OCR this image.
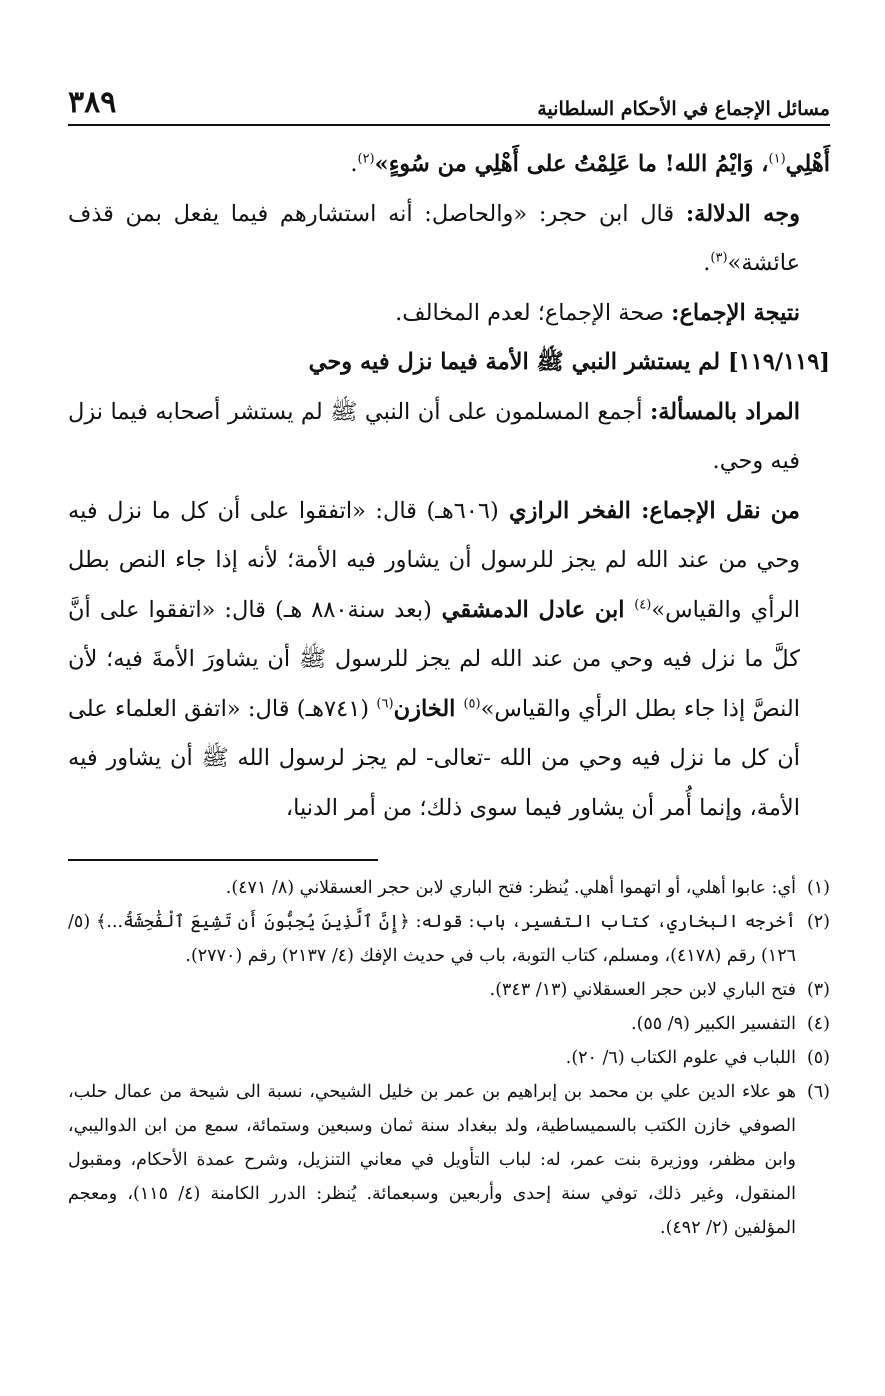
مسائل الإجماع في الأحكام السلطانية
٣٨٩

أَهْلِي$^{(١)}$، وَايْمُ الله! ما عَلِمْتُ على أَهْلِي من سُوءٍ»$^{(٢)}$.

وجه الدلالة: قال ابن حجر: «والحاصل: أنه استشارهم فيما يفعل بمن قذف عائشة»$^{(٣)}$.

نتيجة الإجماع: صحة الإجماع؛ لعدم المخالف.

[١١٩/١١٩] لم يستشر النبي ﷺ الأمة فيما نزل فيه وحي

المراد بالمسألة: أجمع المسلمون على أن النبي ﷺ لم يستشر أصحابه فيما نزل فيه وحي.

من نقل الإجماع: الفخر الرازي (٦٠٦هـ) قال: «اتفقوا على أن كل ما نزل فيه وحي من عند الله لم يجز للرسول أن يشاور فيه الأمة؛ لأنه إذا جاء النص بطل الرأي والقياس»$^{(٤)}$ ابن عادل الدمشقي (بعد سنة٨٨٠ هـ) قال: «اتفقوا على أنَّ كلَّ ما نزل فيه وحي من عند الله لم يجز للرسول ﷺ أن يشاورَ الأمةَ فيه؛ لأن النصَّ إذا جاء بطل الرأي والقياس»$^{(٥)}$ الخازن$^{(٦)}$ (٧٤١هـ) قال: «اتفق العلماء على أن كل ما نزل فيه وحي من الله -تعالى- لم يجز لرسول الله ﷺ أن يشاور فيه الأمة، وإنما أُمر أن يشاور فيما سوى ذلك؛ من أمر الدنيا،

(١)
أي: عابوا أهلي، أو اتهموا أهلي. يُنظر: فتح الباري لابن حجر العسقلاني (٨/ ٤٧١).
(٢)
أخرجه البخاري، كتاب التفسير، باب: قوله: ﴿إِنَّ ٱلَّذِينَ يُحِبُّونَ أَن تَشِيعَ ٱلْفَٰحِشَةُ...﴾ (٥/ ١٢٦) رقم (٤١٧٨)، ومسلم، كتاب التوبة، باب في حديث الإفك (٤/ ٢١٣٧) رقم (٢٧٧٠).
(٣)
فتح الباري لابن حجر العسقلاني (١٣/ ٣٤٣).
(٤)
التفسير الكبير (٩/ ٥٥).
(٥)
اللباب في علوم الكتاب (٦/ ٢٠).
(٦)
هو علاء الدين علي بن محمد بن إبراهيم بن عمر بن خليل الشيحي، نسبة الى شيحة من عمال حلب، الصوفي خازن الكتب بالسميساطية، ولد ببغداد سنة ثمان وسبعين وستمائة، سمع من ابن الدواليبي، وابن مظفر، ووزيرة بنت عمر، له: لباب التأويل في معاني التنزيل، وشرح عمدة الأحكام، ومقبول المنقول، وغير ذلك، توفي سنة إحدى وأربعين وسبعمائة. يُنظر: الدرر الكامنة (٤/ ١١٥)، ومعجم المؤلفين (٢/ ٤٩٢).
